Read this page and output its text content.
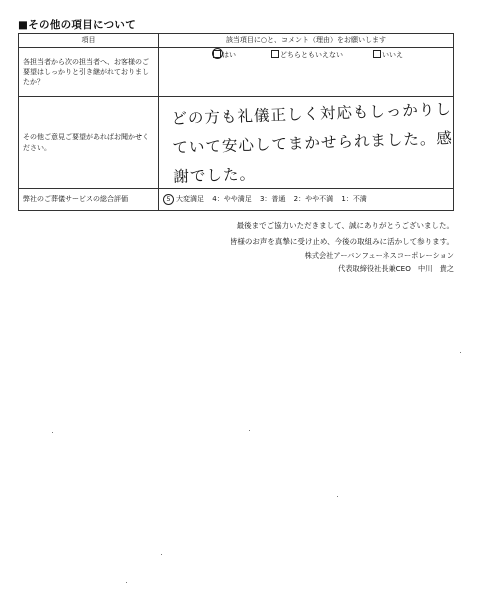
■その他の項目について
項目	該当項目に○と、コメント（理由）をお願いします
各担当者から次の担当者へ、お客様のご要望はしっかりと引き継がれておりましたか？	はい どちらともいえない いいえ

その他ご意見ご要望があればお聞かせください。	どの方も礼儀正しく対応もしっかりしていて安心してまかせられました。感謝でした。

弊社のご葬儀サービスの総合評価	5 大変満足 4：やや満足 3：普通 2：やや不満 1：不満
最後までご協力いただきまして、誠にありがとうございました。
皆様のお声を真摯に受け止め、今後の取組みに活かして参ります。
株式会社アーバンフューネスコーポレーション
代表取締役社長兼CEO　中川　貴之
